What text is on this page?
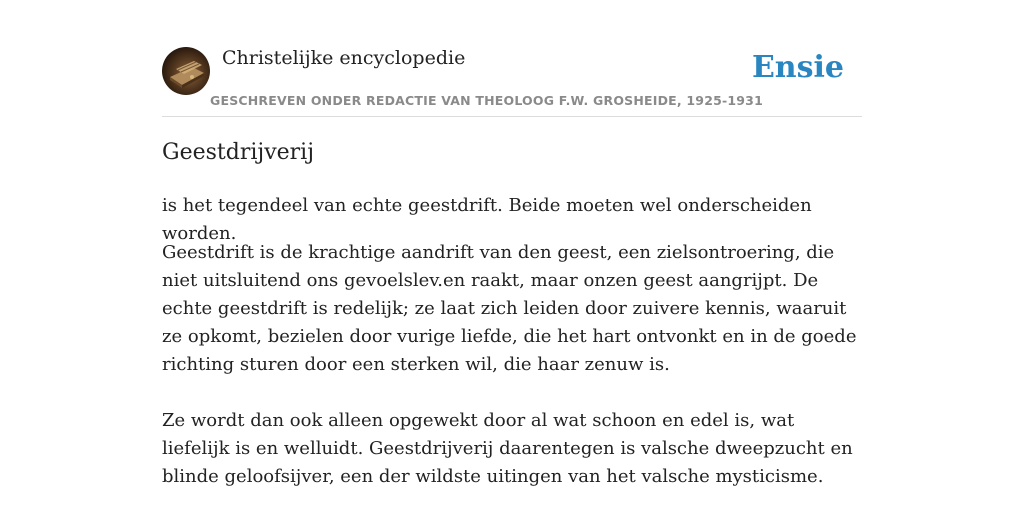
Christelijke encyclopedie
GESCHREVEN ONDER REDACTIE VAN THEOLOOG F.W. GROSHEIDE, 1925-1931
Ensie
Geestdrijverij

is het tegendeel van echte geestdrift. Beide moeten wel onderscheiden worden.

Geestdrift is de krachtige aandrift van den geest, een zielsontroering, die niet uitsluitend ons gevoelslev.en raakt, maar onzen geest aangrijpt. De echte geestdrift is redelijk; ze laat zich leiden door zuivere kennis, waaruit ze opkomt, bezielen door vurige liefde, die het hart ontvonkt en in de goede richting sturen door een sterken wil, die haar zenuw is.

Ze wordt dan ook alleen opgewekt door al wat schoon en edel is, wat liefelijk is en welluidt. Geestdrijverij daarentegen is valsche dweepzucht en blinde geloofsijver, een der wildste uitingen van het valsche mysticisme.
